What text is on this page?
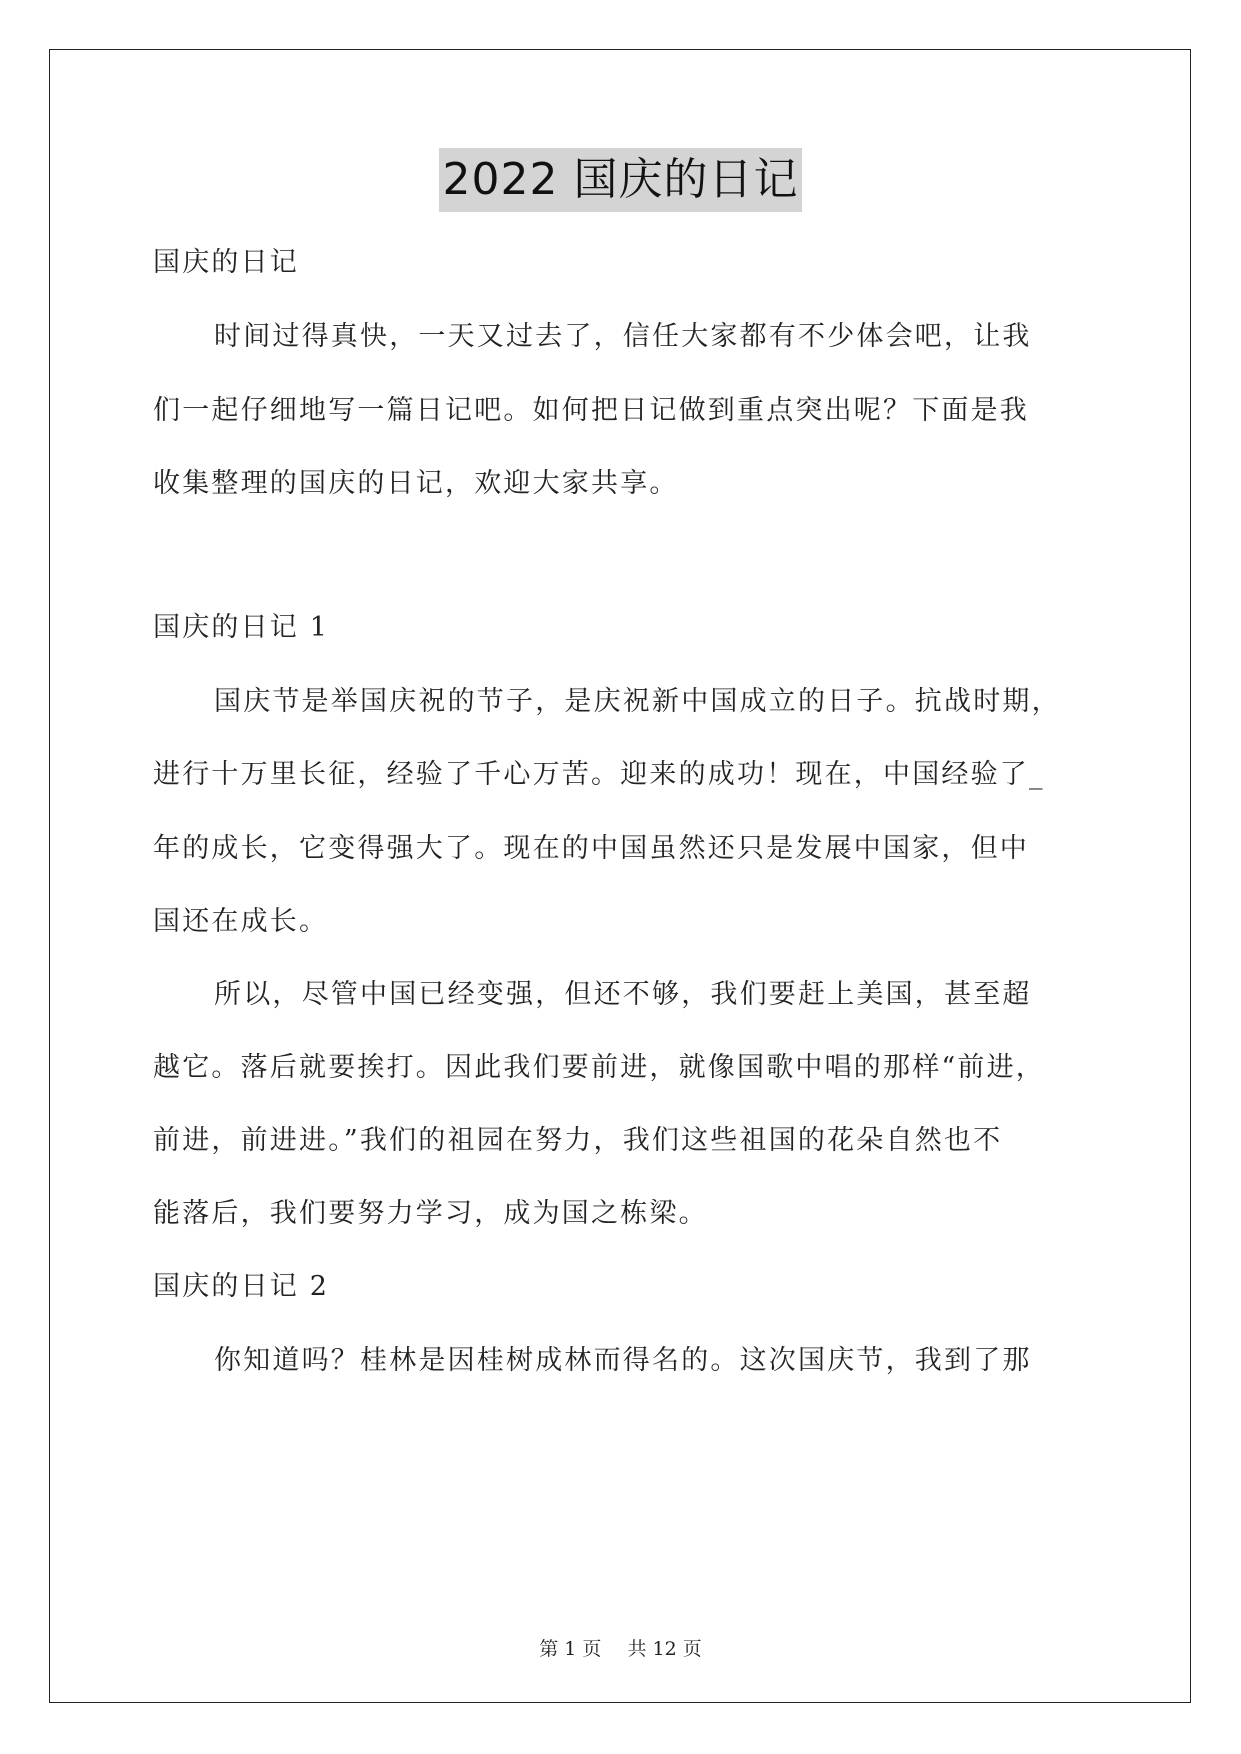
2022 国庆的日记
国庆的日记
时间过得真快，一天又过去了，信任大家都有不少体会吧，让我
们一起仔细地写一篇日记吧。如何把日记做到重点突出呢？下面是我
收集整理的国庆的日记，欢迎大家共享。
国庆的日记 1
国庆节是举国庆祝的节子，是庆祝新中国成立的日子。抗战时期，
进行十万里长征，经验了千心万苦。迎来的成功！现在，中国经验了_
年的成长，它变得强大了。现在的中国虽然还只是发展中国家，但中
国还在成长。
所以，尽管中国已经变强，但还不够，我们要赶上美国，甚至超
越它。落后就要挨打。因此我们要前进，就像国歌中唱的那样“前进，
前进，前进进。”我们的祖园在努力，我们这些祖国的花朵自然也不
能落后，我们要努力学习，成为国之栋梁。
国庆的日记 2
你知道吗？桂林是因桂树成林而得名的。这次国庆节，我到了那
第 1 页 共 12 页
